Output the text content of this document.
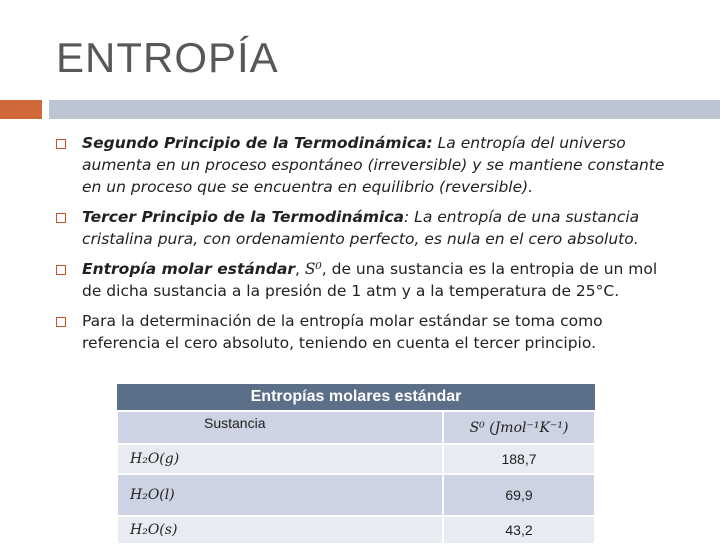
ENTROPÍA
Segundo Principio de la Termodinámica: La entropía del universo aumenta en un proceso espontáneo (irreversible) y se mantiene constante en un proceso que se encuentra en equilibrio (reversible).
Tercer Principio de la Termodinámica: La entropía de una sustancia cristalina pura, con ordenamiento perfecto, es nula en el cero absoluto.
Entropía molar estándar, S⁰, de una sustancia es la entropia de un mol de dicha sustancia a la presión de 1 atm y a la temperatura de 25°C.
Para la determinación de la entropía molar estándar se toma como referencia el cero absoluto, teniendo en cuenta el tercer principio.
Entropías molares estándar	
Sustancia	S⁰ (Jmol⁻¹K⁻¹)
H₂O(g)	188,7
H₂O(l)	69,9
H₂O(s)	43,2
